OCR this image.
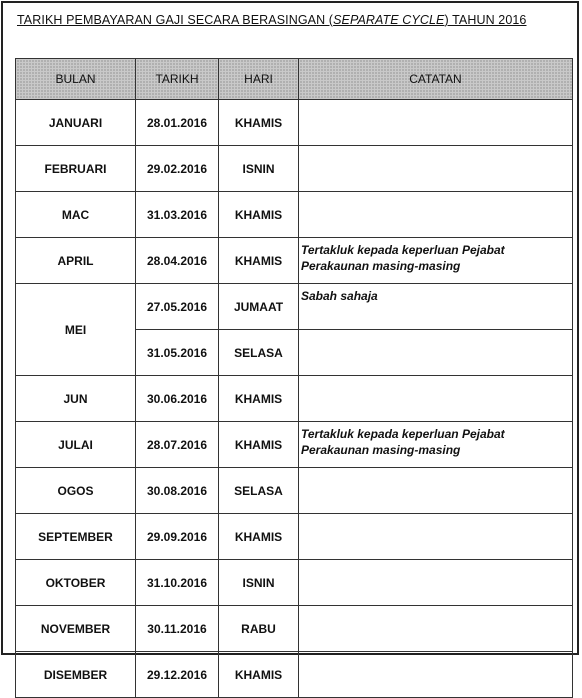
TARIKH PEMBAYARAN GAJI SECARA BERASINGAN (SEPARATE CYCLE) TAHUN 2016
BULAN	TARIKH	HARI	CATATAN
JANUARI	28.01.2016	KHAMIS	
FEBRUARI	29.02.2016	ISNIN	
MAC	31.03.2016	KHAMIS	
APRIL	28.04.2016	KHAMIS	Tertakluk kepada keperluan Pejabat
Perakaunan masing-masing

MEI	27.05.2016	JUMAAT	Sabah sahaja
	31.05.2016	SELASA	
JUN	30.06.2016	KHAMIS	
JULAI	28.07.2016	KHAMIS	Tertakluk kepada keperluan Pejabat
Perakaunan masing-masing

OGOS	30.08.2016	SELASA	
SEPTEMBER	29.09.2016	KHAMIS	
OKTOBER	31.10.2016	ISNIN	
NOVEMBER	30.11.2016	RABU	
DISEMBER	29.12.2016	KHAMIS	
